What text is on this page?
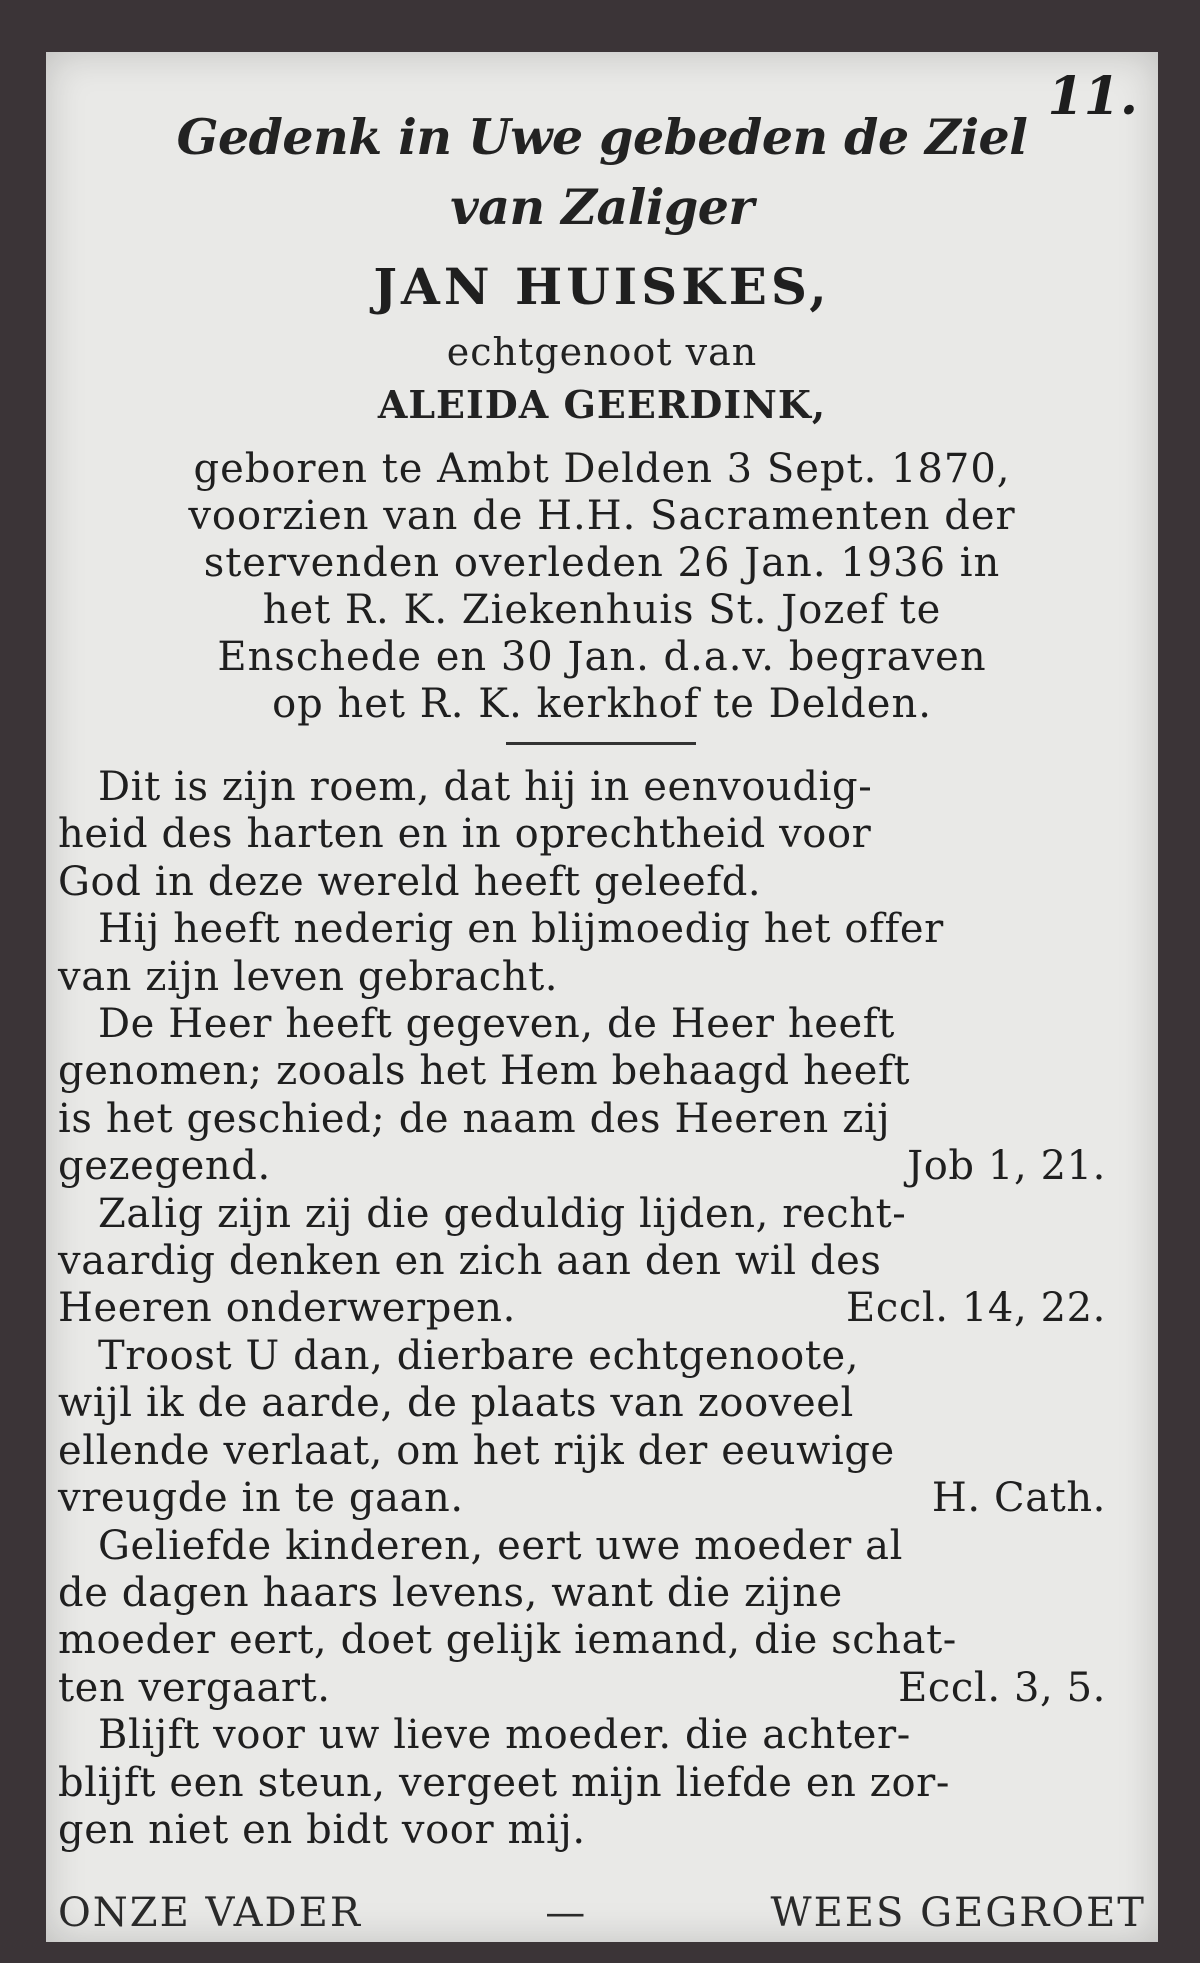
11.

Gedenk in Uwe gebeden de Ziel

van Zaliger

JAN HUISKES,
echtgenoot van
ALEIDA GEERDINK,
geboren te Ambt Delden 3 Sept. 1870,
voorzien van de H.H. Sacramenten der
stervenden overleden 26 Jan. 1936 in
het R. K. Ziekenhuis St. Jozef te
Enschede en 30 Jan. d.a.v. begraven
op het R. K. kerkhof te Delden.
Dit is zijn roem, dat hij in eenvoudig-
heid des harten en in oprechtheid voor
God in deze wereld heeft geleefd.
Hij heeft nederig en blijmoedig het offer
van zijn leven gebracht.
De Heer heeft gegeven, de Heer heeft
genomen; zooals het Hem behaagd heeft
is het geschied; de naam des Heeren zij
gezegend.	Job 1, 21.
Zalig zijn zij die geduldig lijden, recht-
vaardig denken en zich aan den wil des
Heeren onderwerpen.	Eccl. 14, 22.
Troost U dan, dierbare echtgenoote,
wijl ik de aarde, de plaats van zooveel
ellende verlaat, om het rijk der eeuwige
vreugde in te gaan.	H. Cath.
Geliefde kinderen, eert uwe moeder al
de dagen haars levens, want die zijne
moeder eert, doet gelijk iemand, die schat-
ten vergaart.	Eccl. 3, 5.
Blijft voor uw lieve moeder. die achter-
blijft een steun, vergeet mijn liefde en zor-
gen niet en bidt voor mij.
ONZE VADER	—	WEES GEGROET
